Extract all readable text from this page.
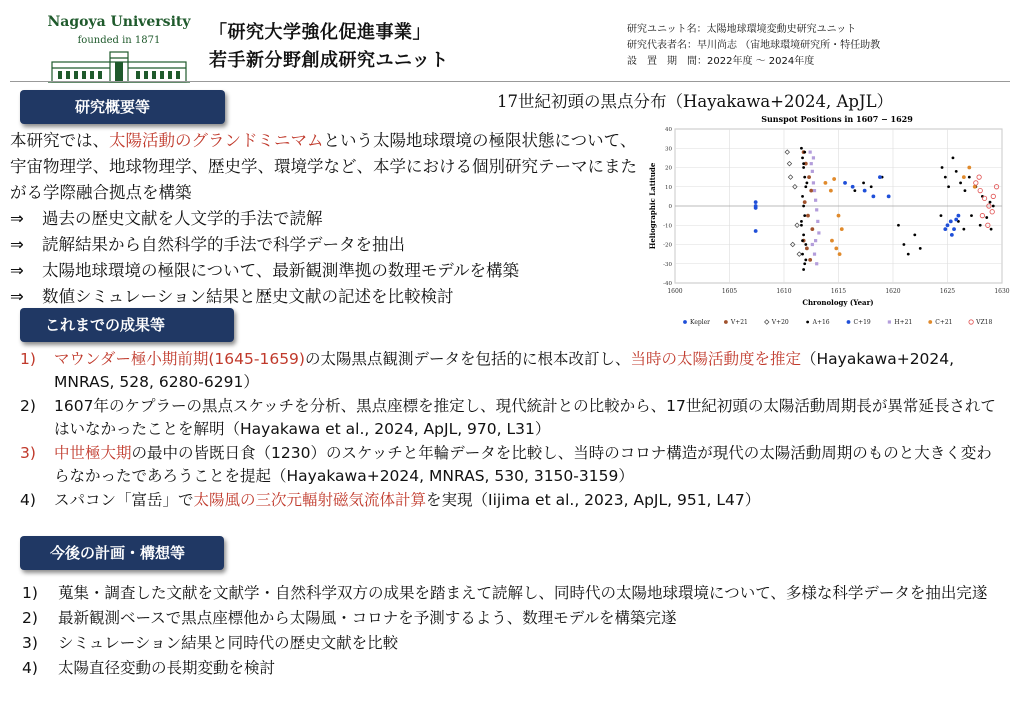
Nagoya University
founded in 1871	「研究大学強化促進事業」
若手新分野創成研究ユニット
研究ユニット名：太陽地球環境変動史研究ユニット
研究代表者名：早川尚志 （宙地球環境研究所・特任助教
設　置　期　間：2022年度 ～ 2024年度
研究概要等
本研究では、太陽活動のグランドミニマムという太陽地球環境の極限状態について、宇宙物理学、地球物理学、歴史学、環境学など、本学における個別研究テーマにまたがる学際融合拠点を構築
⇒ 過去の歴史文献を人文学的手法で読解
⇒ 読解結果から自然科学的手法で科学データを抽出
⇒ 太陽地球環境の極限について、最新観測準拠の数理モデルを構築
⇒ 数値シミュレーション結果と歴史文献の記述を比較検討
17世紀初頭の黒点分布（Hayakawa+2024, ApJL）
Sunspot Positions in 1607 − 1629
Heliographic Latitude
Chronology (Year)
1600	1605	1610	1615	1620	1625	1630
40
30
20
10
0
-10
-20
-30
-40
Kepler	V+21	V+20	A+16	C+19	H+21	C+21	VZ18
これまでの成果等
1) マウンダー極小期前期(1645-1659)の太陽黒点観測データを包括的に根本改訂し、当時の太陽活動度を推定（Hayakawa+2024, MNRAS, 528, 6280-6291）
2) 1607年のケプラーの黒点スケッチを分析、黒点座標を推定し、現代統計との比較から、17世紀初頭の太陽活動周期長が異常延長されてはいなかったことを解明（Hayakawa et al., 2024, ApJL, 970, L31）
3) 中世極大期の最中の皆既日食（1230）のスケッチと年輪データを比較し、当時のコロナ構造が現代の太陽活動周期のものと大きく変わらなかったであろうことを提起（Hayakawa+2024, MNRAS, 530, 3150-3159）
4) スパコン「富岳」で太陽風の三次元輻射磁気流体計算を実現（Iijima et al., 2023, ApJL, 951, L47）
今後の計画・構想等
1) 蒐集・調査した文献を文献学・自然科学双方の成果を踏まえて読解し、同時代の太陽地球環境について、多様な科学データを抽出完遂
2) 最新観測ベースで黒点座標他から太陽風・コロナを予測するよう、数理モデルを構築完遂
3) シミュレーション結果と同時代の歴史文献を比較
4) 太陽直径変動の長期変動を検討
